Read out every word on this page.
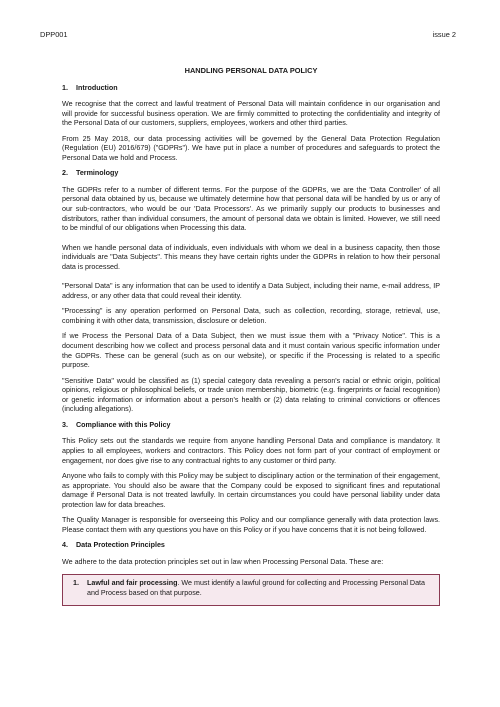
DPP001	issue 2
HANDLING PERSONAL DATA POLICY
1. Introduction

We recognise that the correct and lawful treatment of Personal Data will maintain confidence in our organisation and will provide for successful business operation. We are firmly committed to protecting the confidentiality and integrity of the Personal Data of our customers, suppliers, employees, workers and other third parties.

From 25 May 2018, our data processing activities will be governed by the General Data Protection Regulation (Regulation (EU) 2016/679) ("GDPRs"). We have put in place a number of procedures and safeguards to protect the Personal Data we hold and Process.

2. Terminology

The GDPRs refer to a number of different terms. For the purpose of the GDPRs, we are the 'Data Controller' of all personal data obtained by us, because we ultimately determine how that personal data will be handled by us or any of our sub-contractors, who would be our 'Data Processors'. As we primarily supply our products to businesses and distributors, rather than individual consumers, the amount of personal data we obtain is limited. However, we still need to be mindful of our obligations when Processing this data.

When we handle personal data of individuals, even individuals with whom we deal in a business capacity, then those individuals are "Data Subjects". This means they have certain rights under the GDPRs in relation to how their personal data is processed.

"Personal Data" is any information that can be used to identify a Data Subject, including their name, e-mail address, IP address, or any other data that could reveal their identity.

"Processing" is any operation performed on Personal Data, such as collection, recording, storage, retrieval, use, combining it with other data, transmission, disclosure or deletion.

If we Process the Personal Data of a Data Subject, then we must issue them with a "Privacy Notice". This is a document describing how we collect and process personal data and it must contain various specific information under the GDPRs. These can be general (such as on our website), or specific if the Processing is related to a specific purpose.

"Sensitive Data" would be classified as (1) special category data revealing a person's racial or ethnic origin, political opinions, religious or philosophical beliefs, or trade union membership, biometric (e.g. fingerprints or facial recognition) or genetic information or information about a person's health or (2) data relating to criminal convictions or offences (including allegations).

3. Compliance with this Policy

This Policy sets out the standards we require from anyone handling Personal Data and compliance is mandatory. It applies to all employees, workers and contractors. This Policy does not form part of your contract of employment or engagement, nor does give rise to any contractual rights to any customer or third party.

Anyone who fails to comply with this Policy may be subject to disciplinary action or the termination of their engagement, as appropriate. You should also be aware that the Company could be exposed to significant fines and reputational damage if Personal Data is not treated lawfully. In certain circumstances you could have personal liability under data protection law for data breaches.

The Quality Manager is responsible for overseeing this Policy and our compliance generally with data protection laws. Please contact them with any questions you have on this Policy or if you have concerns that it is not being followed.

4. Data Protection Principles

We adhere to the data protection principles set out in law when Processing Personal Data. These are:

1.	Lawful and fair processing. We must identify a lawful ground for collecting and Processing Personal Data and Process based on that purpose.
